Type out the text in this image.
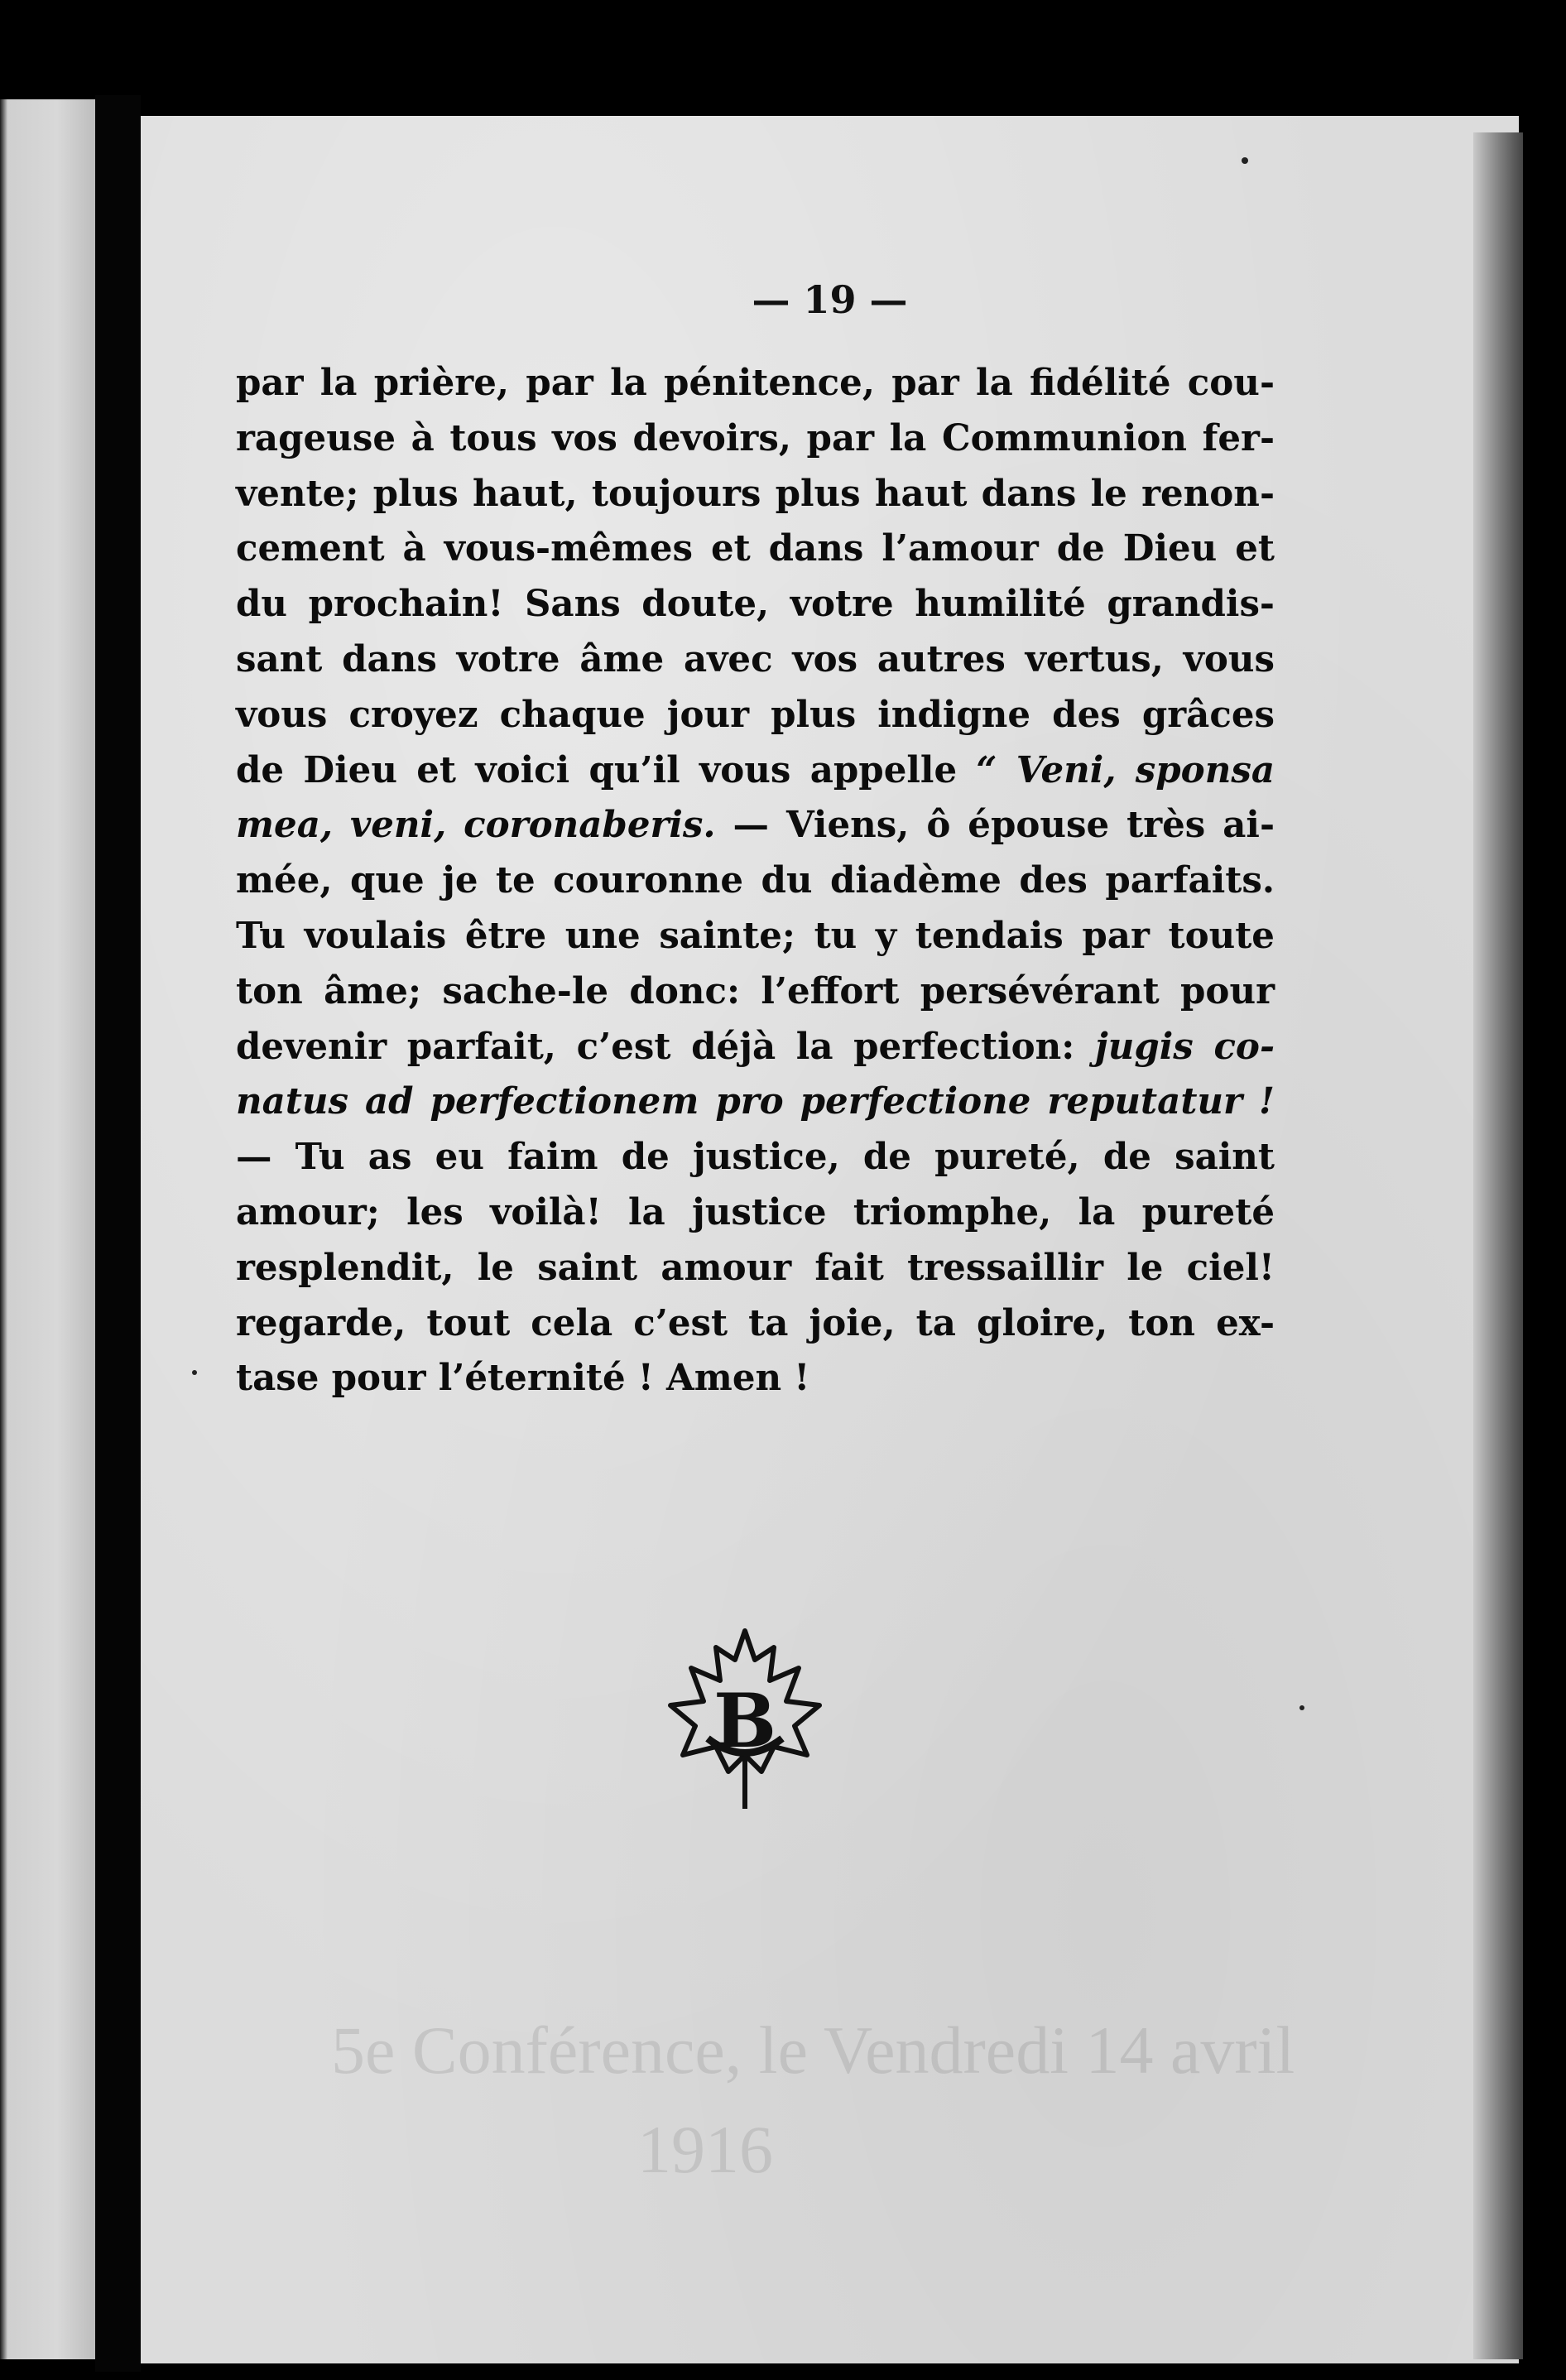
5e Conférence, le Vendredi 14 avril
1916

— 19 —

par la prière, par la pénitence, par la fidélité cou-
rageuse à tous vos devoirs, par la Communion fer-
vente; plus haut, toujours plus haut dans le renon-
cement à vous-mêmes et dans l’amour de Dieu et
du prochain! Sans doute, votre humilité grandis-
sant dans votre âme avec vos autres vertus, vous
vous croyez chaque jour plus indigne des grâces
de Dieu et voici qu’il vous appelle “ Veni, sponsa
mea, veni, coronaberis. — Viens, ô épouse très ai-
mée, que je te couronne du diadème des parfaits.
Tu voulais être une sainte; tu y tendais par toute
ton âme; sache-le donc: l’effort persévérant pour
devenir parfait, c’est déjà la perfection: jugis co-
natus ad perfectionem pro perfectione reputatur !
— Tu as eu faim de justice, de pureté, de saint
amour; les voilà! la justice triomphe, la pureté
resplendit, le saint amour fait tressaillir le ciel!
regarde, tout cela c’est ta joie, ta gloire, ton ex-
tase pour l’éternité ! Amen !
B
